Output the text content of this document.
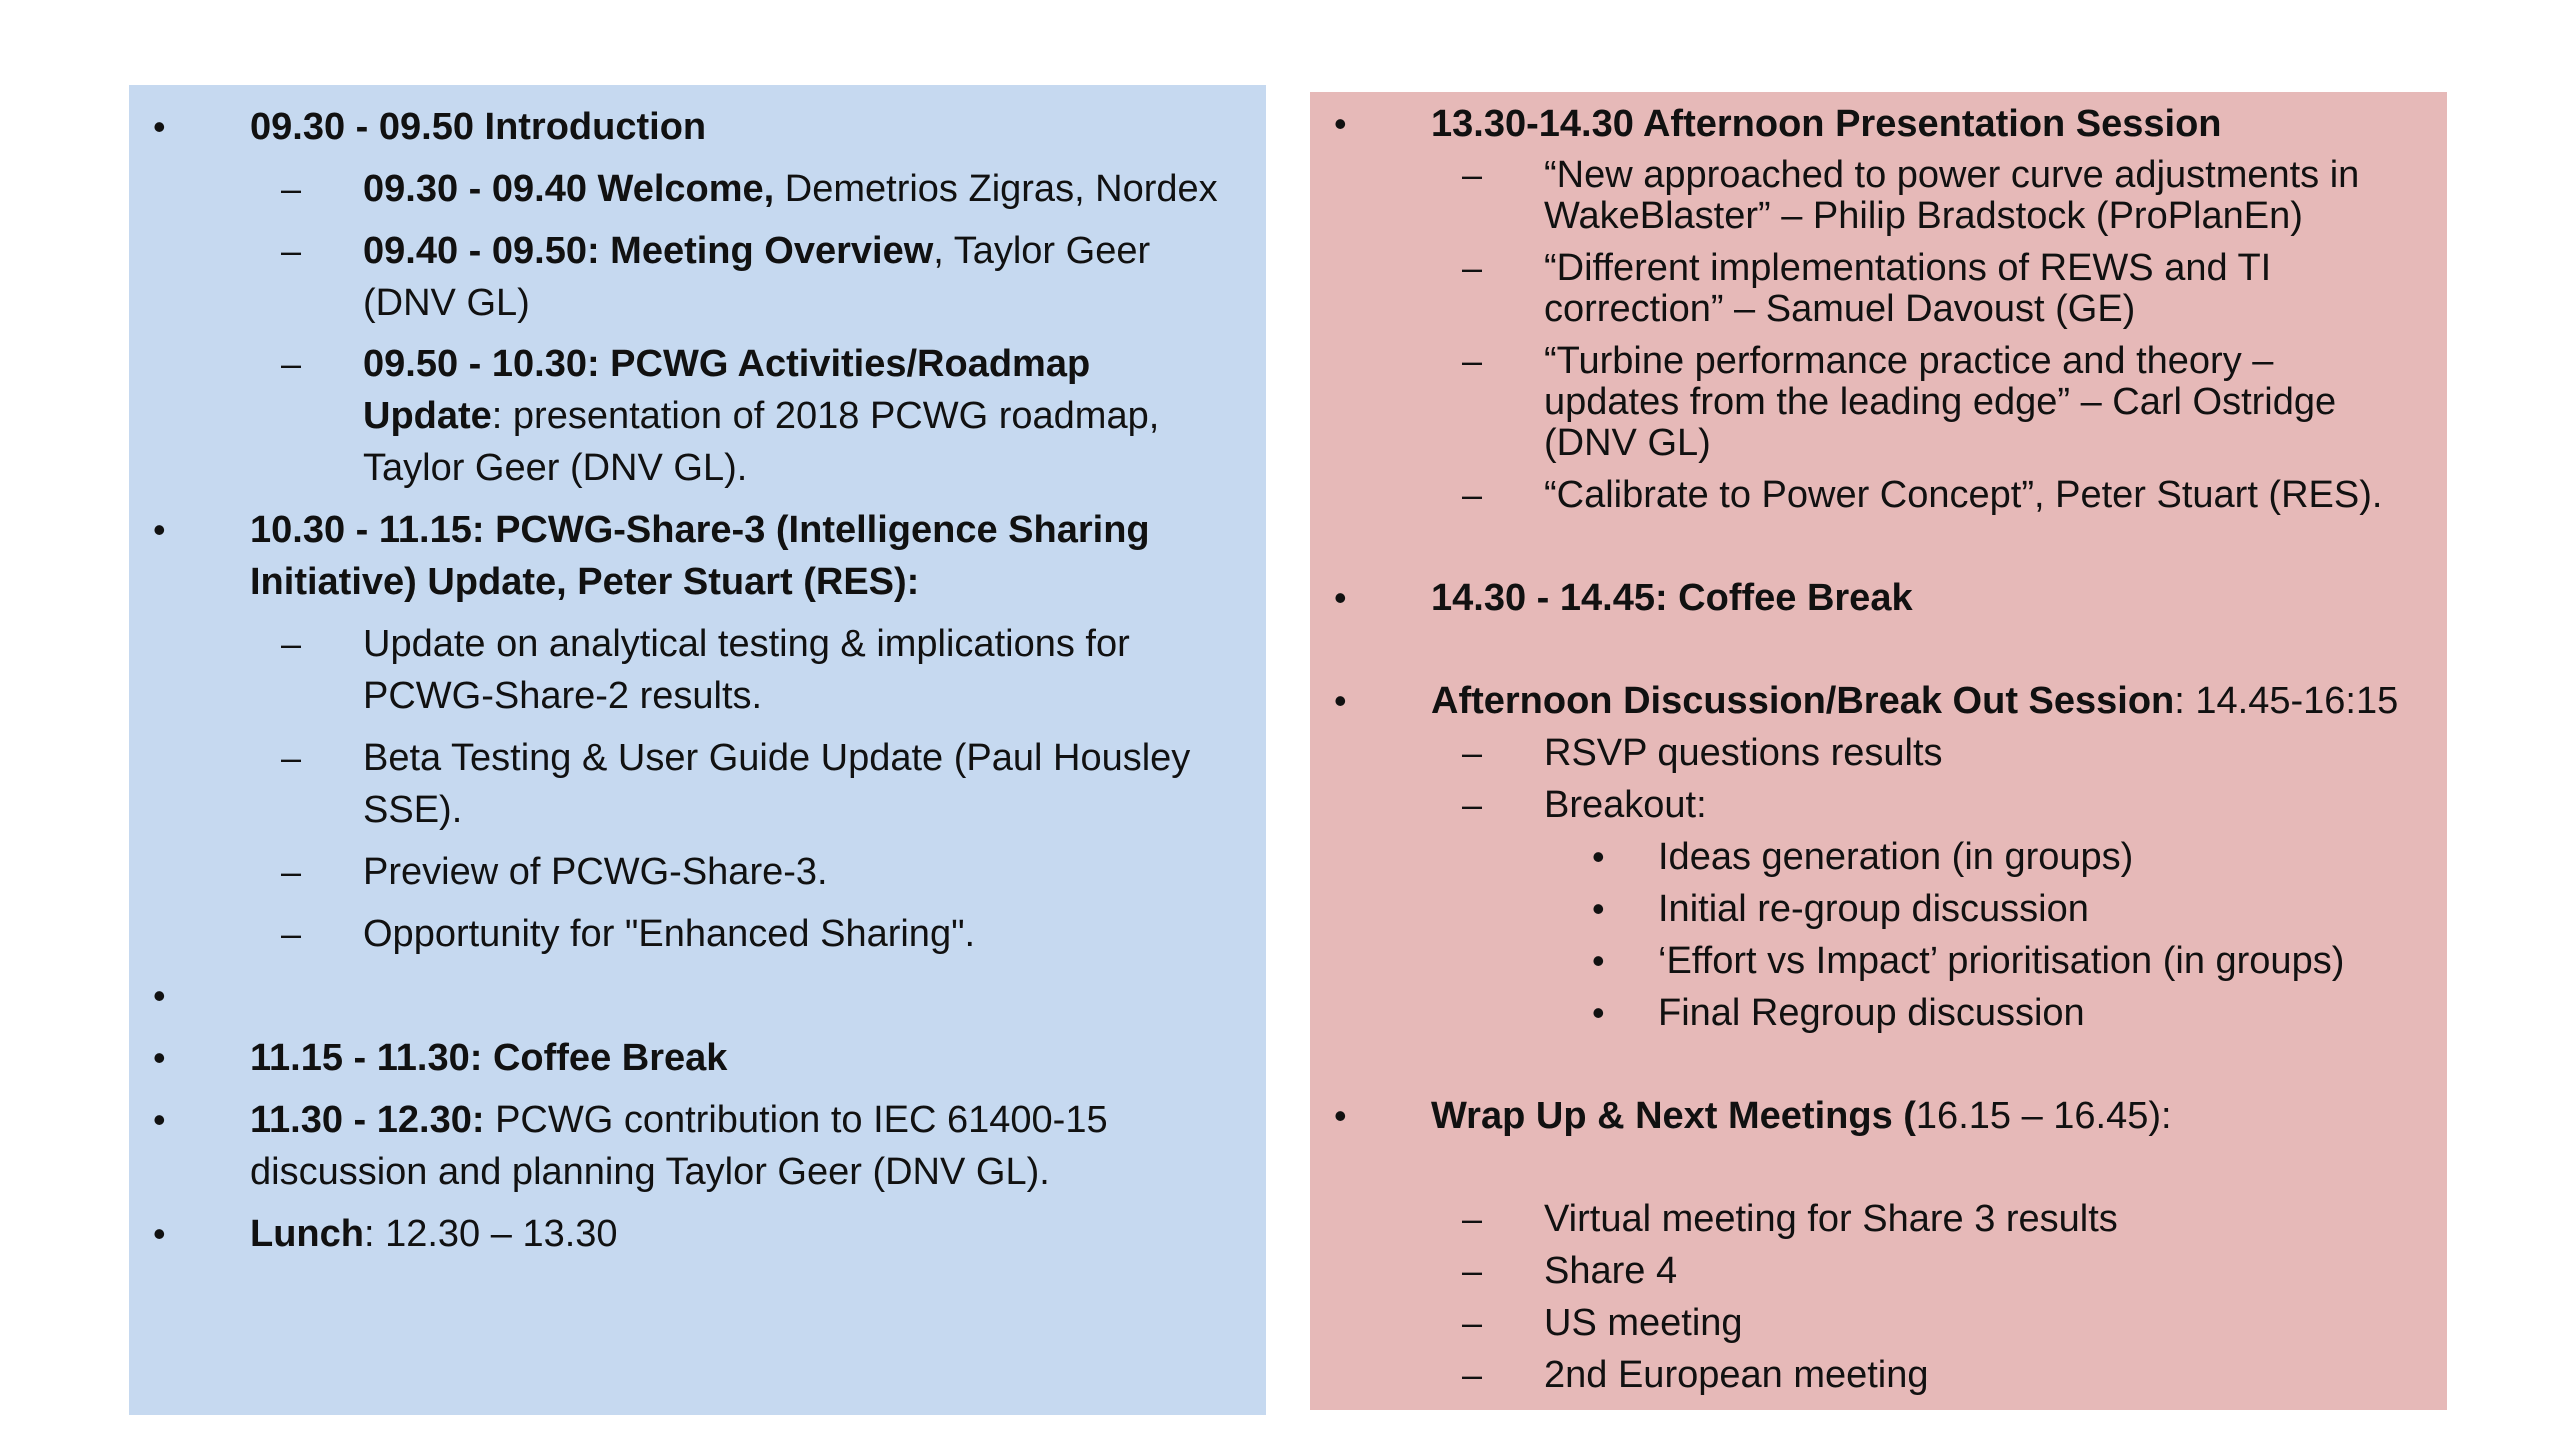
• 09.30 - 09.50 Introduction
– 09.30 - 09.40 Welcome, Demetrios Zigras, Nordex
– 09.40 - 09.50: Meeting Overview, Taylor Geer
(DNV GL)
– 09.50 - 10.30: PCWG Activities/Roadmap
Update: presentation of 2018 PCWG roadmap,
Taylor Geer (DNV GL).
• 10.30 - 11.15: PCWG-Share-3 (Intelligence Sharing
Initiative) Update, Peter Stuart (RES):
– Update on analytical testing & implications for
PCWG-Share-2 results.
– Beta Testing & User Guide Update (Paul Housley
SSE).
– Preview of PCWG-Share-3.
– Opportunity for "Enhanced Sharing".
•
• 11.15 - 11.30: Coffee Break
• 11.30 - 12.30: PCWG contribution to IEC 61400-15
discussion and planning Taylor Geer (DNV GL).
• Lunch: 12.30 – 13.30
• 13.30-14.30 Afternoon Presentation Session
– “New approached to power curve adjustments in
WakeBlaster” – Philip Bradstock (ProPlanEn)
– “Different implementations of REWS and TI
correction” – Samuel Davoust (GE)
– “Turbine performance practice and theory –
updates from the leading edge” – Carl Ostridge
(DNV GL)
– “Calibrate to Power Concept”, Peter Stuart (RES).
• 14.30 - 14.45: Coffee Break
• Afternoon Discussion/Break Out Session: 14.45-16:15
– RSVP questions results
– Breakout:
• Ideas generation (in groups)
• Initial re-group discussion
• ‘Effort vs Impact’ prioritisation (in groups)
• Final Regroup discussion
• Wrap Up & Next Meetings (16.15 – 16.45):
– Virtual meeting for Share 3 results
– Share 4
– US meeting
– 2nd European meeting
